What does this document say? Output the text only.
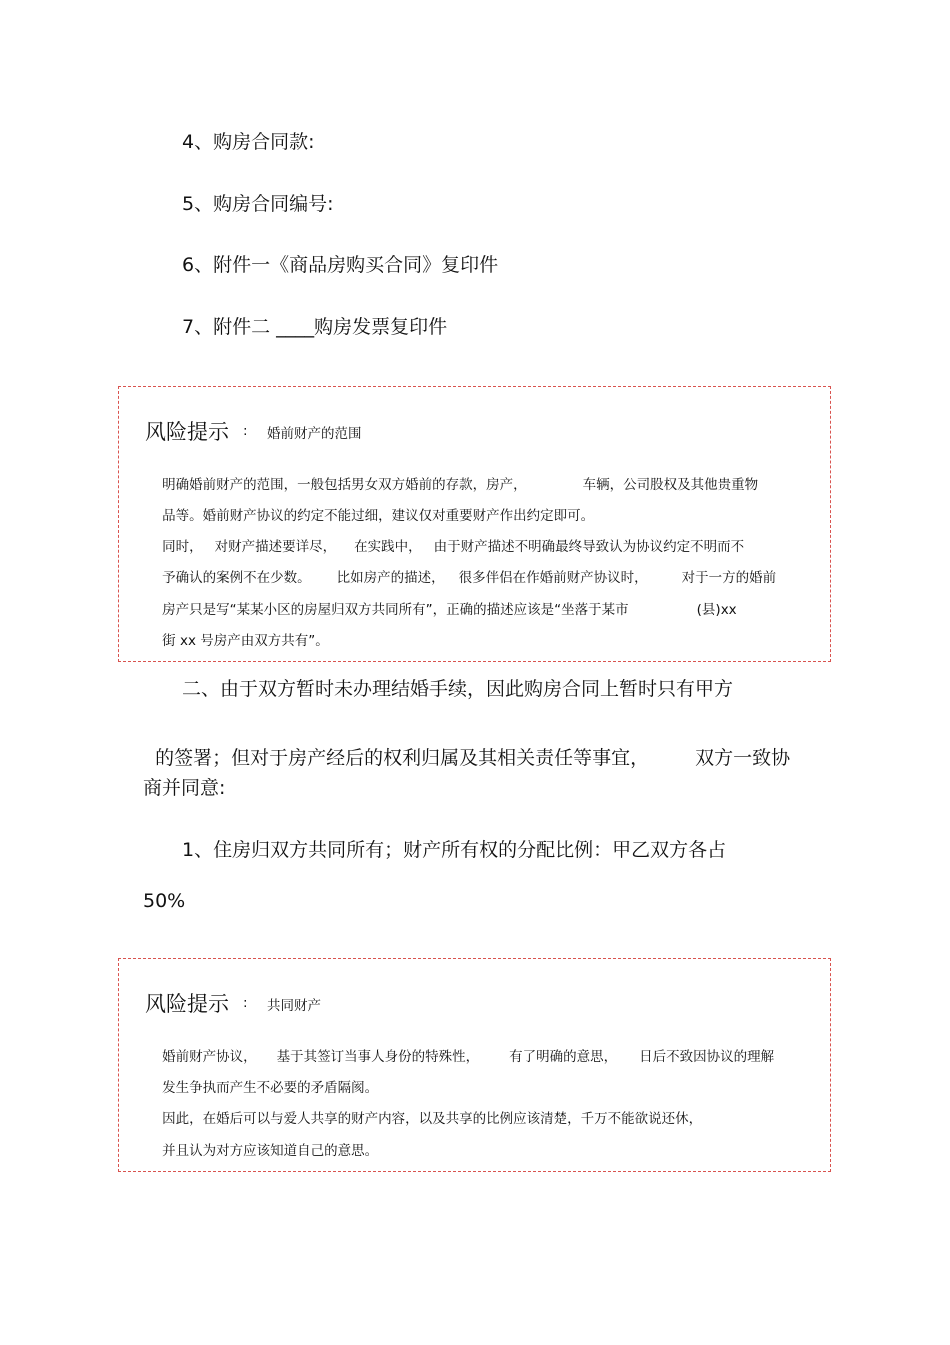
4、购房合同款:
5、购房合同编号:
6、附件一《商品房购买合同》复印件
7、附件二 ____购房发票复印件
风险提示 : 婚前财产的范围

明确婚前财产的范围，一般包括男女双方婚前的存款，房产，	车辆，公司股权及其他贵重物

品等。婚前财产协议的约定不能过细，建议仅对重要财产作出约定即可。

同时， 对财产描述要详尽， 在实践中， 由于财产描述不明确最终导致认为协议约定不明而不

予确认的案例不在少数。 比如房产的描述， 很多伴侣在作婚前财产协议时，	对于一方的婚前

房产只是写“某某小区的房屋归双方共同所有”，正确的描述应该是“坐落于某市	(县)xx

街 xx 号房产由双方共有”。

二、由于双方暂时未办理结婚手续，因此购房合同上暂时只有甲方

的签署；但对于房产经后的权利归属及其相关责任等事宜， 双方一致协

商并同意:
1、住房归双方共同所有；财产所有权的分配比例：甲乙双方各占
50%
风险提示 : 共同财产

婚前财产协议， 基于其签订当事人身份的特殊性， 有了明确的意思， 日后不致因协议的理解

发生争执而产生不必要的矛盾隔阂。

因此，在婚后可以与爱人共享的财产内容，以及共享的比例应该清楚，千万不能欲说还休，

并且认为对方应该知道自己的意思。
